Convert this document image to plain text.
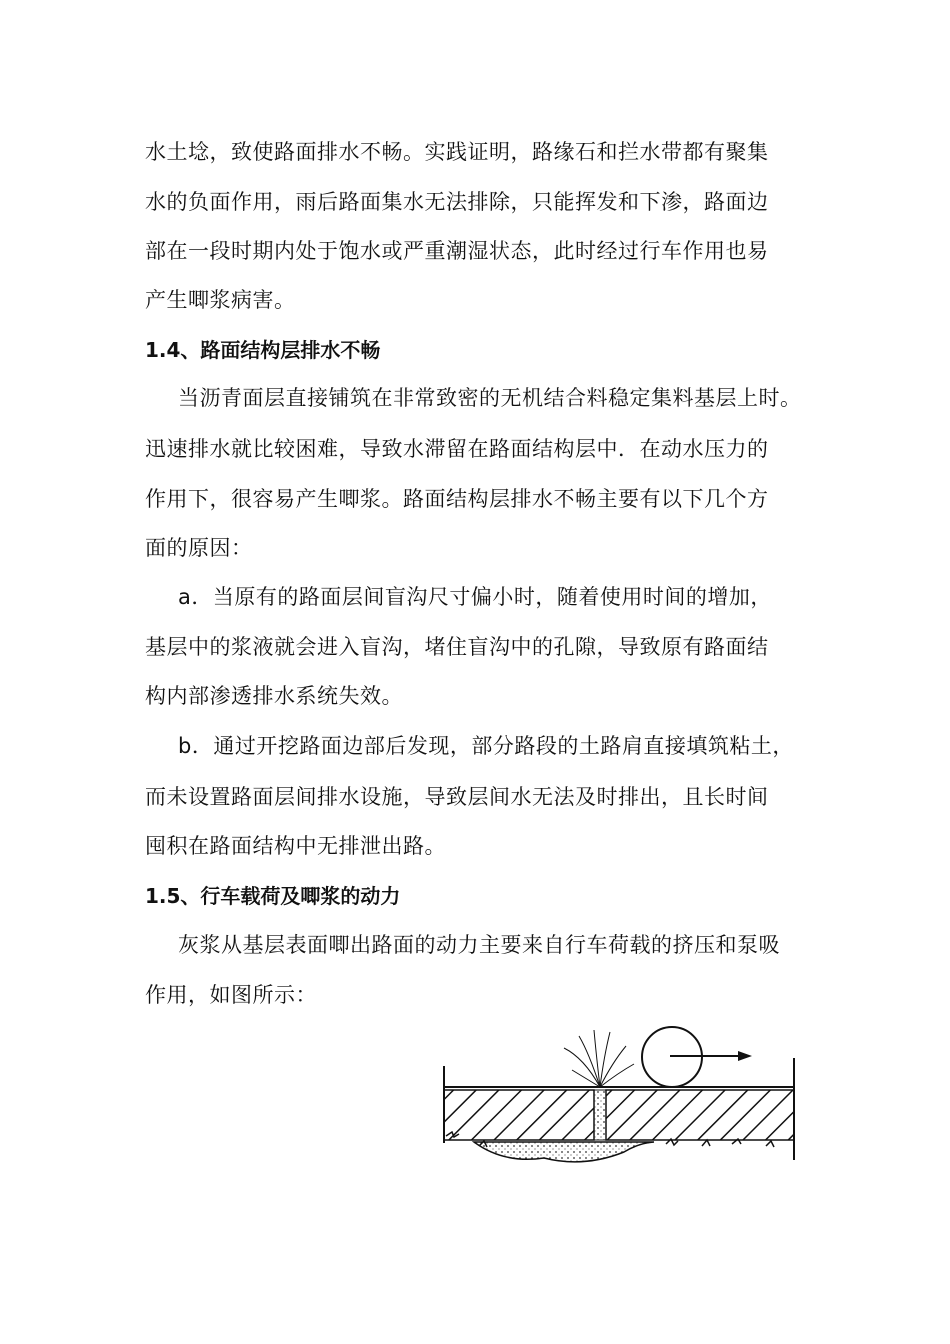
水土埝，致使路面排水不畅。实践证明，路缘石和拦水带都有聚集
水的负面作用，雨后路面集水无法排除，只能挥发和下渗，路面边
部在一段时期内处于饱水或严重潮湿状态，此时经过行车作用也易
产生唧浆病害。
1.4、路面结构层排水不畅
当沥青面层直接铺筑在非常致密的无机结合料稳定集料基层上时。
迅速排水就比较困难，导致水滞留在路面结构层中．在动水压力的
作用下，很容易产生唧浆。路面结构层排水不畅主要有以下几个方
面的原因：
a．当原有的路面层间盲沟尺寸偏小时，随着使用时间的增加，
基层中的浆液就会进入盲沟，堵住盲沟中的孔隙，导致原有路面结
构内部渗透排水系统失效。
b．通过开挖路面边部后发现，部分路段的土路肩直接填筑粘土，
而未设置路面层间排水设施，导致层间水无法及时排出，且长时间
囤积在路面结构中无排泄出路。
1.5、行车载荷及唧浆的动力
灰浆从基层表面唧出路面的动力主要来自行车荷载的挤压和泵吸
作用，如图所示：
